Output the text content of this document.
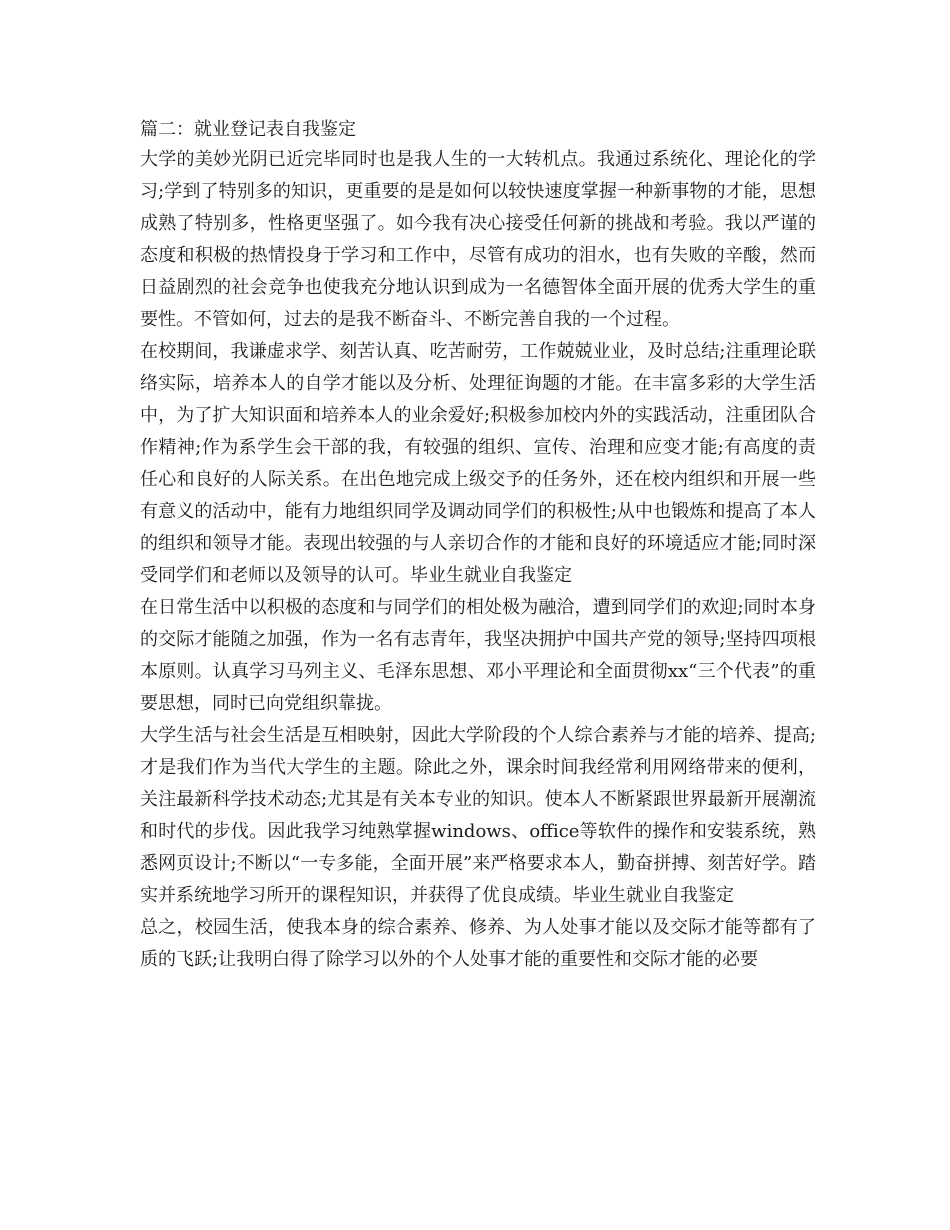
篇二：就业登记表自我鉴定

大学的美妙光阴已近完毕同时也是我人生的一大转机点。我通过系统化、理论化的学习;学到了特别多的知识，更重要的是是如何以较快速度掌握一种新事物的才能，思想成熟了特别多，性格更坚强了。如今我有决心接受任何新的挑战和考验。我以严谨的态度和积极的热情投身于学习和工作中，尽管有成功的泪水，也有失败的辛酸，然而日益剧烈的社会竞争也使我充分地认识到成为一名德智体全面开展的优秀大学生的重要性。不管如何，过去的是我不断奋斗、不断完善自我的一个过程。

在校期间，我谦虚求学、刻苦认真、吃苦耐劳，工作兢兢业业，及时总结;注重理论联络实际，培养本人的自学才能以及分析、处理征询题的才能。在丰富多彩的大学生活中，为了扩大知识面和培养本人的业余爱好;积极参加校内外的实践活动，注重团队合作精神;作为系学生会干部的我，有较强的组织、宣传、治理和应变才能;有高度的责任心和良好的人际关系。在出色地完成上级交予的任务外，还在校内组织和开展一些有意义的活动中，能有力地组织同学及调动同学们的积极性;从中也锻炼和提高了本人的组织和领导才能。表现出较强的与人亲切合作的才能和良好的环境适应才能;同时深受同学们和老师以及领导的认可。毕业生就业自我鉴定

在日常生活中以积极的态度和与同学们的相处极为融洽，遭到同学们的欢迎;同时本身的交际才能随之加强，作为一名有志青年，我坚决拥护中国共产党的领导;坚持四项根本原则。认真学习马列主义、毛泽东思想、邓小平理论和全面贯彻xx“三个代表”的重要思想，同时已向党组织靠拢。

大学生活与社会生活是互相映射，因此大学阶段的个人综合素养与才能的培养、提高;才是我们作为当代大学生的主题。除此之外，课余时间我经常利用网络带来的便利，关注最新科学技术动态;尤其是有关本专业的知识。使本人不断紧跟世界最新开展潮流和时代的步伐。因此我学习纯熟掌握windows、office等软件的操作和安装系统，熟悉网页设计;不断以“一专多能，全面开展”来严格要求本人，勤奋拼搏、刻苦好学。踏实并系统地学习所开的课程知识，并获得了优良成绩。毕业生就业自我鉴定

总之，校园生活，使我本身的综合素养、修养、为人处事才能以及交际才能等都有了质的飞跃;让我明白得了除学习以外的个人处事才能的重要性和交际才能的必要
